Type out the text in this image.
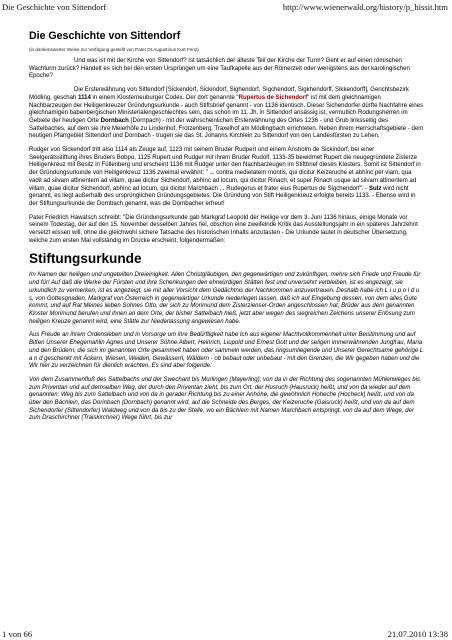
Die Geschichte von Sittendorf	http://www.wienerwald.org/history/p_hissit.htm
Die Geschichte von Sittendorf
(in dankenswerter Weise zur Verfügung gestellt von Pater Dr.Augustinus Kurt Fenz)

Und was ist mit der Kirche von Sittendorf? Ist tatsächlich der älteste Teil der Kirche der Turm? Geht er auf einen römischen Wachturm zurück? Handelt es sich bei den ersten Ursprüngen um eine Taufkapelle aus der Römerzeit oder wenigstens aus der karolingischen Epoche?

Die Ersterwähnung von Sittendorf [Sickendorf, Sickindorf, Sighendorf, Sigchendorf, Sigkhendorff, Sikkendorff], Gerichtsbezirk Mödling, geschah 1114 in einem Klosterneuburger Codex. Der dort genannte "Rupertus de Sichendorf" ist mit dem gleichnamigen Nachbarzeugen der Heiligenkreuzer Gründungsurkunde - auch Stiftsbrief genannt - von 1136 identisch. Dieser Sichendorfer dürfte Nachfahre eines gleichnamigen babenbergischen Ministerialengeschlechtes sein, das schon im 11. Jh. in Sittendorf ansässig ist, vermutlich Rodungsherren im Gebiete der heutigen Orte Dornbach (Dornpach) - mit der wahrscheinlichen Ersterwähnung des Ortes 1236 - und Grub linksseitig des Sattelbaches, auf dem sie ihre Meierhöfe zu Lindenhof, Frotzenberg, Traxelhof am Mödlingbach errichteten. Neben ihrem Herrschaftsgebiete - dem heutigen Pfarrgebiet Sittendorf und Dornbach - trugen sie das St. Johanns Kirchlein zu Sittendorf von den Landesfürsten zu Lehen.

Rudger von Sickendorf tritt also 1114 als Zeuge auf, 1123 mit seinem Bruder Rudpert und einem Ansholm de Sickindorf, bei einer Seelgerätsstiftung ihres Bruders Bobpo, 1125 Rupert und Rudger mit ihrem Bruder Rudolf, 1133-35 bewidmet Rupert die neugegründete Zisterze Heiligenkreuz mit Besitz in Füllenberg und erscheint 1136 mit Rudger unter den Nachbarzeugen im Stiftbrief dieses Klosters. Somit ist Sittendorf in der Gründungsurkunde von Heiligenkreuz 1136 zweimal erwähnt: " ... contra medietatem montis, qui dicitur Keizeruche et abhinc per viam, qua vadit ad silvam attinentem ad villam, quae dicitur Sichendorf, abhinc ad locum, qui dicitur Rinach, et super Rinach usque ad silvam attinentem ad villam, quae dicitur Sichendorf, abhinc ad locum, qui dicitur Marchbach ... Rudegerus et frater eius Rupertus de Sigchendorf". - Sulz wird nicht genannt, es liegt außerhalb des ursprünglichen Gründungsgebietes. Die Gründung von Stift Heiligenkreuz erfolgte bereits 1133. - Ebenso wird in der Stiftungsurkunde der Dornbach genannt, was die Dornbacher erfreut!

Pater Friedrich Hawatsch schreibt: "Die Gründungsurkunde gab Markgraf Leopold der Heilige vor dem 3. Juni 1136 hinaus, einige Monate vor seinem Todestag, der auf den 15. November desselben Jahres fiel, obschon eine zweifelnde Kritik das Ausstellungsjahr in ein späteres Jahrzehnt versetzt wissen will, ohne die gleichwohl sichere Tatsache des historischen Inhalts anzutasten - Die Urkunde lautet in deutscher Übersetzung, welche zum ersten Mal vollständig im Drucke erscheint, folgendermaßen:

Stiftungsurkunde

Im Namen der heiligen und ungeteilten Dreieinigkeit. Allen Christgläubigen, den gegenwärtigen und zukünftigen, mehre sich Friede und Freude für und für! Auf daß die Werke der Fürsten und ihre Schenkungen den ehrwürdigen Stätten fest und unversehrt verbleiben, ist es angezeigt, sie urkundlich zu vermerken, ist es angezeigt, sie mit aller Vorsicht dem Gedächtnis der Nachkommen anzuvertrauen. Deshalb habe ich L i u p o l d u s, von Gottesgnaden, Markgraf von Österreich in gegenwärtiger Urkunde niederlegen lassen, daß ich auf Eingebung dessen, von dem alles Gute kommt, und auf Rat Meines lieben Sohnes Otto, der sich zu Morimund dem Zisterzienser-Orden angeschlossen hat, Brüder aus dem genannten Kloster Morimund berufen und ihnen an dem Orte, der bisher Sattelbach hieß, jetzt aber wegen des siegreichen Zeichens unserer Erlösung zum heiligen Kreuze genannt wird, eine Stätte zur Niederlassung angewiesen habe.

Aus Freude an ihrem Ordensleben und in Vorsorge um ihre Bedürftigkeit habe Ich aus eigener Machtvollkommenheit unter Beistimmung und auf Bitten Unserer Ehegemahlin Agnes und Unserer Söhne Albert, Heinrich, Liupold und Ernest Gott und der seligen immerwährenden Jungfrau, Maria und den Brüdern, die sich im genannten Orte gesammelt haben oder sammeln werden, das ringsumliegende und Unserer Gerechtsame gehörige L a n d geschenkt mit Äckern, Wiesen, Weiden, Gewässern, Wäldern - ob bebaut oder unbebaut - mit den Grenzen, die Wir gegeben haben und die Wir hier zu verzeichnen für dienlich erachten. Es sind aber folgende:

Von dem Zusammenfluß des Sattelbachs und der Swechant bis Murlingen (Mayerling); von da in der Richtung des sogenannten Mühlenweges bis zum Priventan und auf demselben Weg, der durch den Priventan zieht, bis zum Ort, der Husruch (Hausruck) heißt, und von da wieder auf dem genannten; Weg bis zum Sattelbach und von da in gerader Richtung bis zu einer Anhöhe, die gewöhnlich Hoheche (Hocheck) heißt, und von da über den Bächlein, das Dorinbach (Dornbach) genannt wird, auf die Schneide des Berges, der Keizeruche (Gaisruck) heißt, und von da auf dem Sichendorfer (Sittendorfer) Waldweg und von da bis zu der Stelle, wo ein Bächlein mit Namen Marchbach entspringt, von da auf dem Wege, der zum Draschirchner (Traiskirchner) Wege führt, bis zur

1 von 66	21.07.2010 13:38
